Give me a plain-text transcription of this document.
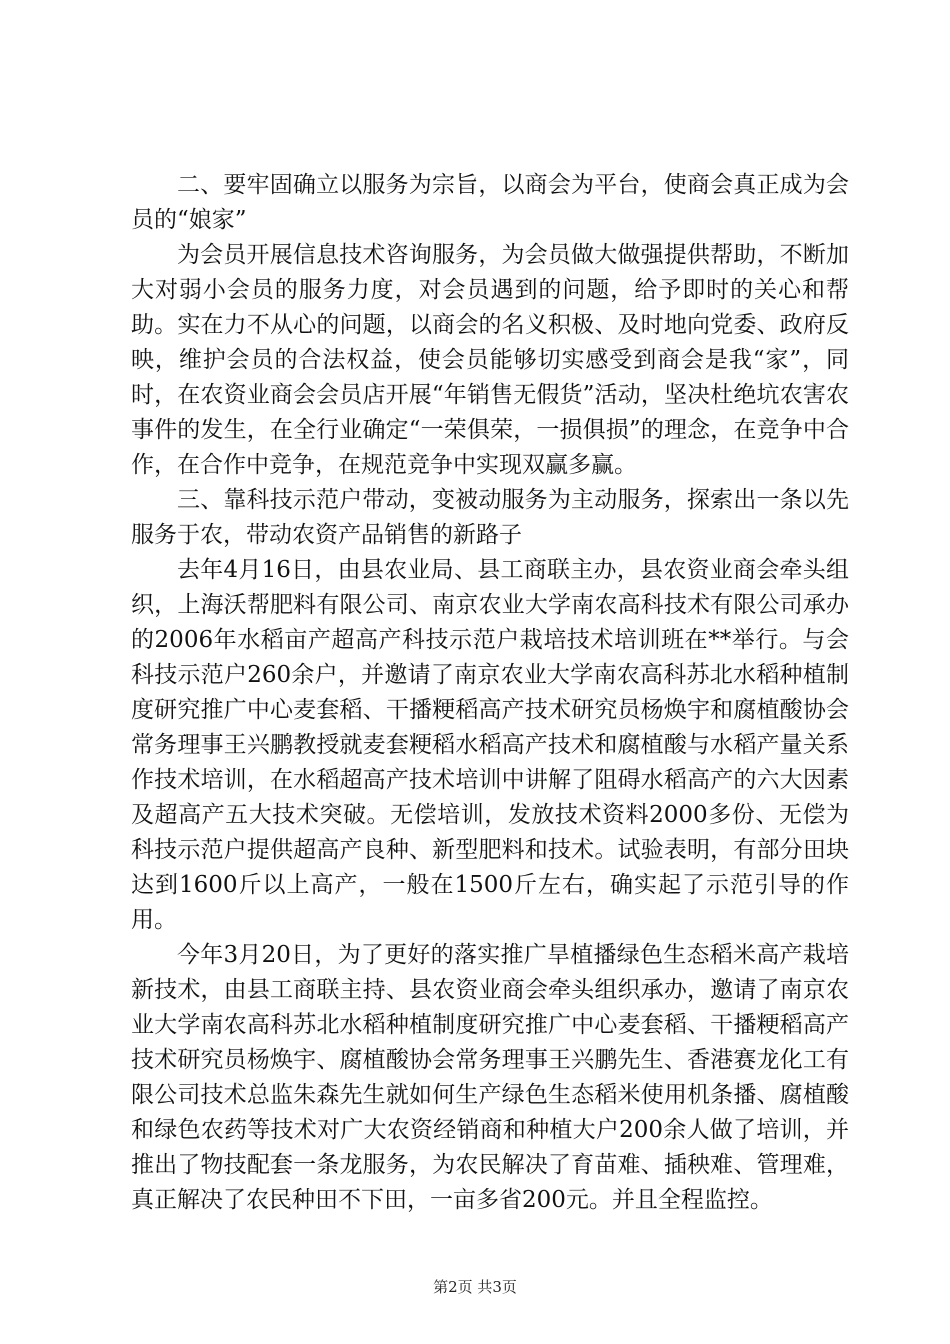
二、要牢固确立以服务为宗旨，以商会为平台，使商会真正成为会员的“娘家”

为会员开展信息技术咨询服务，为会员做大做强提供帮助，不断加大对弱小会员的服务力度，对会员遇到的问题，给予即时的关心和帮助。实在力不从心的问题，以商会的名义积极、及时地向党委、政府反映，维护会员的合法权益，使会员能够切实感受到商会是我“家”，同时，在农资业商会会员店开展“年销售无假货”活动，坚决杜绝坑农害农事件的发生，在全行业确定“一荣俱荣，一损俱损”的理念，在竞争中合作，在合作中竞争，在规范竞争中实现双赢多赢。

三、靠科技示范户带动，变被动服务为主动服务，探索出一条以先服务于农，带动农资产品销售的新路子

去年4月16日，由县农业局、县工商联主办，县农资业商会牵头组织，上海沃帮肥料有限公司、南京农业大学南农高科技术有限公司承办的2006年水稻亩产超高产科技示范户栽培技术培训班在**举行。与会科技示范户260余户，并邀请了南京农业大学南农高科苏北水稻种植制度研究推广中心麦套稻、干播粳稻高产技术研究员杨焕宇和腐植酸协会常务理事王兴鹏教授就麦套粳稻水稻高产技术和腐植酸与水稻产量关系作技术培训，在水稻超高产技术培训中讲解了阻碍水稻高产的六大因素及超高产五大技术突破。无偿培训，发放技术资料2000多份、无偿为科技示范户提供超高产良种、新型肥料和技术。试验表明，有部分田块达到1600斤以上高产，一般在1500斤左右，确实起了示范引导的作用。

今年3月20日，为了更好的落实推广旱植播绿色生态稻米高产栽培新技术，由县工商联主持、县农资业商会牵头组织承办，邀请了南京农业大学南农高科苏北水稻种植制度研究推广中心麦套稻、干播粳稻高产技术研究员杨焕宇、腐植酸协会常务理事王兴鹏先生、香港赛龙化工有限公司技术总监朱森先生就如何生产绿色生态稻米使用机条播、腐植酸和绿色农药等技术对广大农资经销商和种植大户200余人做了培训，并推出了物技配套一条龙服务，为农民解决了育苗难、插秧难、管理难，真正解决了农民种田不下田，一亩多省200元。并且全程监控。

第2页 共3页
